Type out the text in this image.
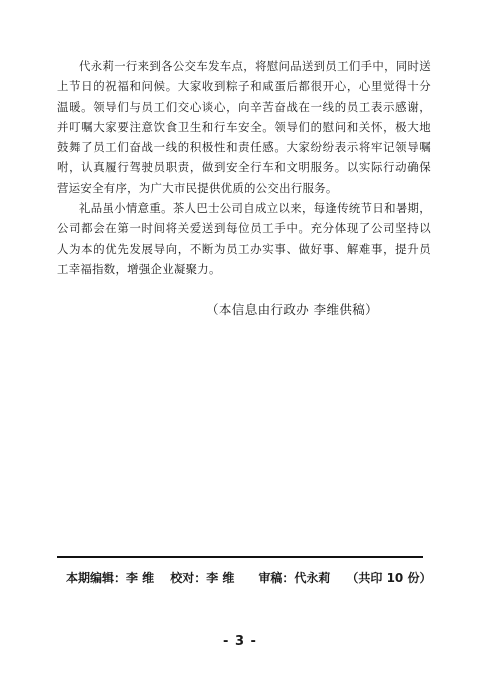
代永莉一行来到各公交车发车点，将慰问品送到员工们手中，同时送上节日的祝福和问候。大家收到粽子和咸蛋后都很开心，心里觉得十分温暖。领导们与员工们交心谈心，向辛苦奋战在一线的员工表示感谢，并叮嘱大家要注意饮食卫生和行车安全。领导们的慰问和关怀，极大地鼓舞了员工们奋战一线的积极性和责任感。大家纷纷表示将牢记领导嘱咐，认真履行驾驶员职责，做到安全行车和文明服务。以实际行动确保营运安全有序，为广大市民提供优质的公交出行服务。

礼品虽小情意重。茶人巴士公司自成立以来，每逢传统节日和暑期，公司都会在第一时间将关爱送到每位员工手中。充分体现了公司坚持以人为本的优先发展导向，不断为员工办实事、做好事、解难事，提升员工幸福指数，增强企业凝聚力。

（本信息由行政办 李维供稿）
本期编辑：李 维 校对：李 维 审稿：代永莉 （共印 10 份）
- 3 -
